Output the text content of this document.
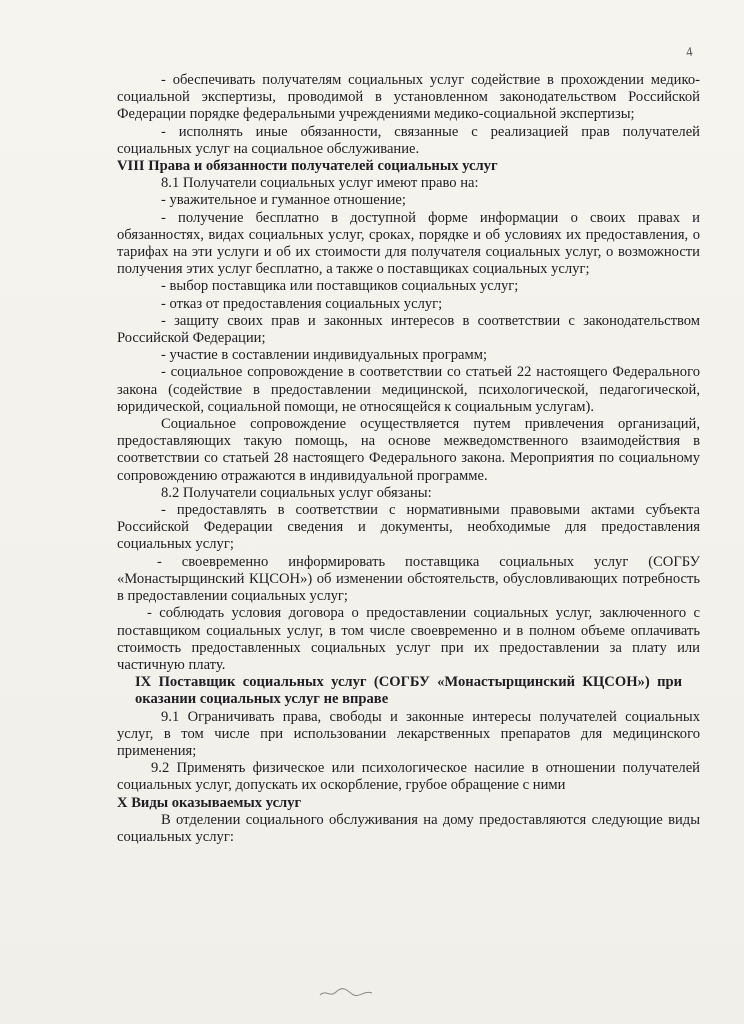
4

- обеспечивать получателям социальных услуг содействие в прохождении медико-социальной экспертизы, проводимой в установленном законодательством Российской Федерации порядке федеральными учреждениями медико-социальной экспертизы;

- исполнять иные обязанности, связанные с реализацией прав получателей социальных услуг на социальное обслуживание.

VIII Права и обязанности получателей социальных услуг

8.1 Получатели социальных услуг имеют право на:

- уважительное и гуманное отношение;

- получение бесплатно в доступной форме информации о своих правах и обязанностях, видах социальных услуг, сроках, порядке и об условиях их предоставления, о тарифах на эти услуги и об их стоимости для получателя социальных услуг, о возможности получения этих услуг бесплатно, а также о поставщиках социальных услуг;

- выбор поставщика или поставщиков социальных услуг;

- отказ от предоставления социальных услуг;

- защиту своих прав и законных интересов в соответствии с законодательством Российской Федерации;

- участие в составлении индивидуальных программ;

- социальное сопровождение в соответствии со статьей 22 настоящего Федерального закона (содействие в предоставлении медицинской, психологической, педагогической, юридической, социальной помощи, не относящейся к социальным услугам).

Социальное сопровождение осуществляется путем привлечения организаций, предоставляющих такую помощь, на основе межведомственного взаимодействия в соответствии со статьей 28 настоящего Федерального закона. Мероприятия по социальному сопровождению отражаются в индивидуальной программе.

8.2 Получатели социальных услуг обязаны:

- предоставлять в соответствии с нормативными правовыми актами субъекта Российской Федерации сведения и документы, необходимые для предоставления социальных услуг;

- своевременно информировать поставщика социальных услуг (СОГБУ «Монастырщинский КЦСОН») об изменении обстоятельств, обусловливающих потребность в предоставлении социальных услуг;

- соблюдать условия договора о предоставлении социальных услуг, заключенного с поставщиком социальных услуг, в том числе своевременно и в полном объеме оплачивать стоимость предоставленных социальных услуг при их предоставлении за плату или частичную плату.

IX Поставщик социальных услуг (СОГБУ «Монастырщинский КЦСОН») при оказании социальных услуг не вправе

9.1 Ограничивать права, свободы и законные интересы получателей социальных услуг, в том числе при использовании лекарственных препаратов для медицинского применения;

9.2 Применять физическое или психологическое насилие в отношении получателей социальных услуг, допускать их оскорбление, грубое обращение с ними

X Виды оказываемых услуг

В отделении социального обслуживания на дому предоставляются следующие виды социальных услуг:
